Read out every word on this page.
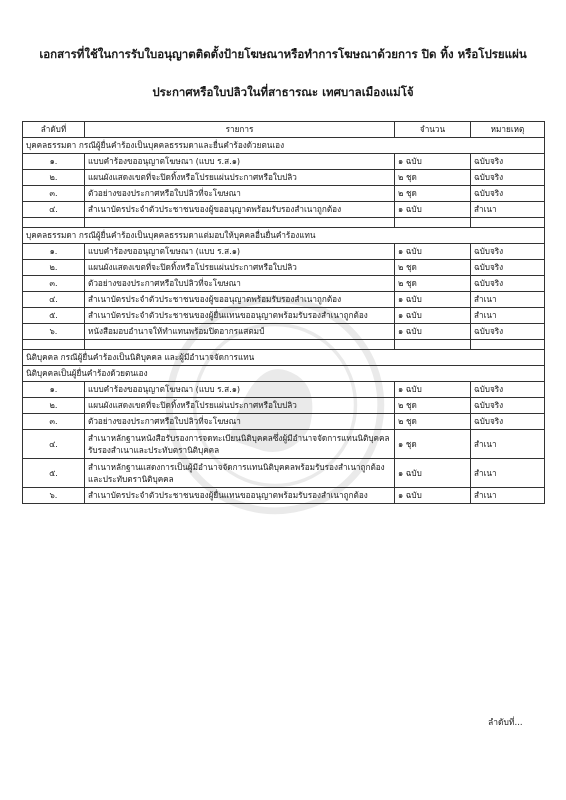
เอกสารที่ใช้ในการรับใบอนุญาตติดตั้งป้ายโฆษณาหรือทำการโฆษณาด้วยการ ปิด ทิ้ง หรือโปรยแผ่น
ประกาศหรือใบปลิวในที่สาธารณะ เทศบาลเมืองแม่โจ้
ลำดับที่	รายการ	จำนวน	หมายเหตุ
บุคคลธรรมดา กรณีผู้ยื่นคำร้องเป็นบุคคลธรรมดาและยื่นคำร้องด้วยตนเอง			
๑.	แบบคำร้องขออนุญาตโฆษณา (แบบ ร.ส.๑)	๑ ฉบับ	ฉบับจริง
๒.	แผนผังแสดงเขตที่จะปิดทิ้งหรือโปรยแผ่นประกาศหรือใบปลิว	๒ ชุด	ฉบับจริง
๓.	ตัวอย่างของประกาศหรือใบปลิวที่จะโฆษณา	๒ ชุด	ฉบับจริง
๔.	สำเนาบัตรประจำตัวประชาชนของผู้ขออนุญาตพร้อมรับรองสำเนาถูกต้อง	๑ ฉบับ	สำเนา

บุคคลธรรมดา กรณีผู้ยื่นคำร้องเป็นบุคคลธรรมดาแต่มอบให้บุคคลอื่นยื่นคำร้องแทน			
๑.	แบบคำร้องขออนุญาตโฆษณา (แบบ ร.ส.๑)	๑ ฉบับ	ฉบับจริง
๒.	แผนผังแสดงเขตที่จะปิดทิ้งหรือโปรยแผ่นประกาศหรือใบปลิว	๒ ชุด	ฉบับจริง
๓.	ตัวอย่างของประกาศหรือใบปลิวที่จะโฆษณา	๒ ชุด	ฉบับจริง
๔.	สำเนาบัตรประจำตัวประชาชนของผู้ขออนุญาตพร้อมรับรองสำเนาถูกต้อง	๑ ฉบับ	สำเนา
๕.	สำเนาบัตรประจำตัวประชาชนของผู้ยื่นแทนขออนุญาตพร้อมรับรองสำเนาถูกต้อง	๑ ฉบับ	สำเนา
๖.	หนังสือมอบอำนาจให้ทำแทนพร้อมปิดอากรแสตมป์	๑ ฉบับ	ฉบับจริง

นิติบุคคล กรณีผู้ยื่นคำร้องเป็นนิติบุคคล และผู้มีอำนาจจัดการแทน			
นิติบุคคลเป็นผู้ยื่นคำร้องด้วยตนเอง			
๑.	แบบคำร้องขออนุญาตโฆษณา (แบบ ร.ส.๑)	๑ ฉบับ	ฉบับจริง
๒.	แผนผังแสดงเขตที่จะปิดทิ้งหรือโปรยแผ่นประกาศหรือใบปลิว	๒ ชุด	ฉบับจริง
๓.	ตัวอย่างของประกาศหรือใบปลิวที่จะโฆษณา	๒ ชุด	ฉบับจริง
๔.	สำเนาหลักฐานหนังสือรับรองการจดทะเบียนนิติบุคคลซึ่งผู้มีอำนาจจัดการแทนนิติบุคคลรับรองสำเนาและประทับตรานิติบุคคล	๑ ชุด	สำเนา
๕.	สำเนาหลักฐานแสดงการเป็นผู้มีอำนาจจัดการแทนนิติบุคคลพร้อมรับรองสำเนาถูกต้องและประทับตรานิติบุคคล	๑ ฉบับ	สำเนา
๖.	สำเนาบัตรประจำตัวประชาชนของผู้ยื่นแทนขออนุญาตพร้อมรับรองสำเนาถูกต้อง	๑ ฉบับ	สำเนา
ลำดับที่...
